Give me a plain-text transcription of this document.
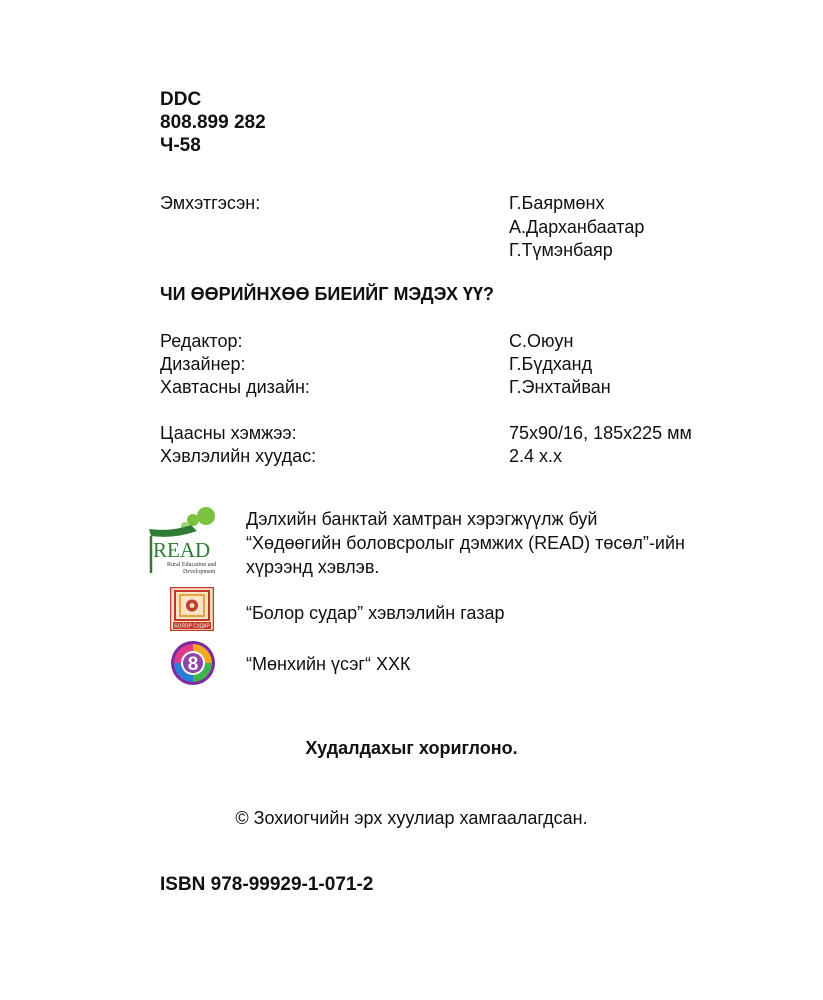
DDC
808.899 282
Ч-58
Эмхэтгэсэн:	Г.Баярмөнх
А.Дарханбаатар
Г.Түмэнбаяр
ЧИ ӨӨРИЙНХӨӨ БИЕИЙГ МЭДЭХ ҮҮ?
Редактор:	С.Оюун
Дизайнер:	Г.Бүдханд
Хавтасны дизайн:	Г.Энхтайван
Цаасны хэмжээ:	75х90/16, 185х225 мм
Хэвлэлийн хуудас:	2.4 х.х
READ
Rural Education and
Development
Дэлхийн банктай хамтран хэрэгжүүлж буй
“Хөдөөгийн боловсролыг дэмжих (READ) төсөл”-ийн
хүрээнд хэвлэв.
БОЛОР СУДАР
“Болор судар” хэвлэлийн газар
8	“Мөнхийн үсэг“ ХХК
Худалдахыг хориглоно.
© Зохиогчийн эрх хуулиар хамгаалагдсан.
ISBN 978-99929-1-071-2
